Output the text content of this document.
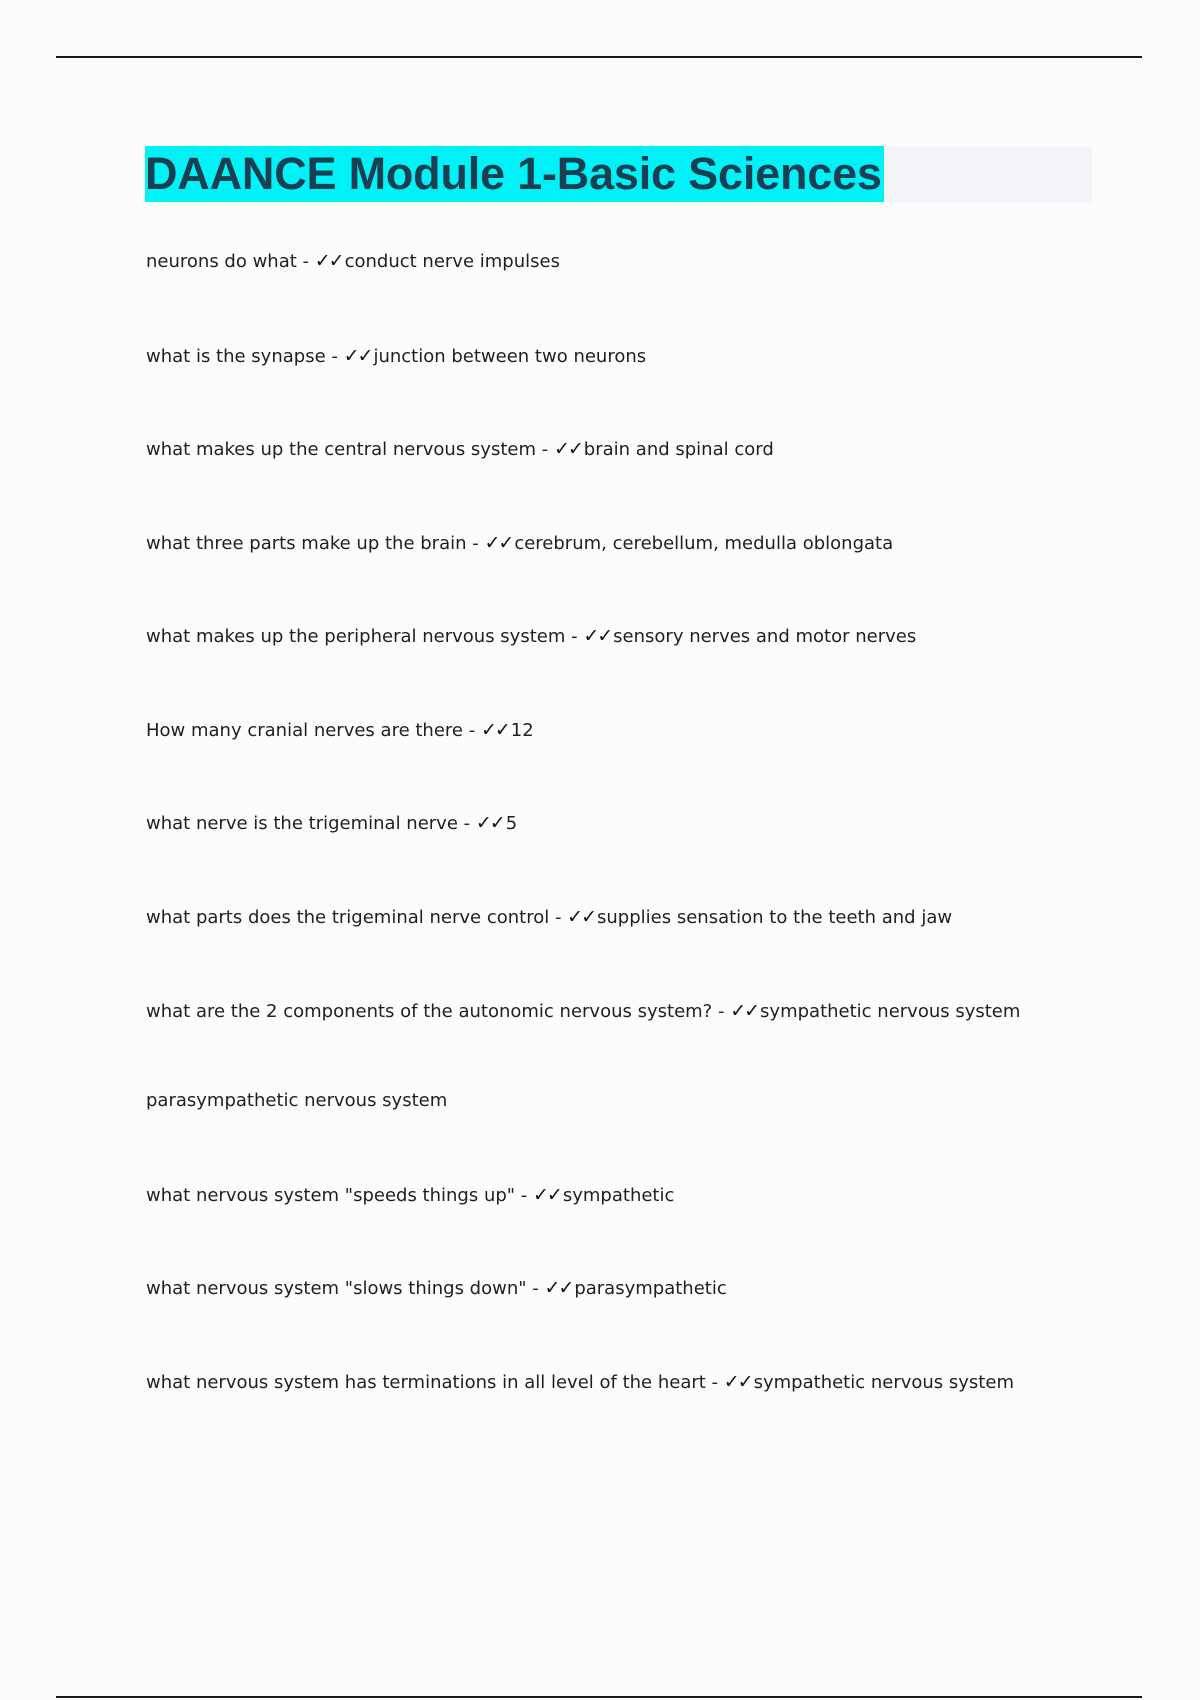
DAANCE Module 1-Basic Sciences
neurons do what - ✓✓ conduct nerve impulses
what is the synapse - ✓✓ junction between two neurons
what makes up the central nervous system - ✓✓ brain and spinal cord
what three parts make up the brain - ✓✓ cerebrum, cerebellum, medulla oblongata
what makes up the peripheral nervous system - ✓✓ sensory nerves and motor nerves
How many cranial nerves are there - ✓✓ 12
what nerve is the trigeminal nerve - ✓✓ 5
what parts does the trigeminal nerve control - ✓✓ supplies sensation to the teeth and jaw
what are the 2 components of the autonomic nervous system? - ✓✓ sympathetic nervous system
parasympathetic nervous system
what nervous system "speeds things up" - ✓✓ sympathetic
what nervous system "slows things down" - ✓✓ parasympathetic
what nervous system has terminations in all level of the heart - ✓✓ sympathetic nervous system
